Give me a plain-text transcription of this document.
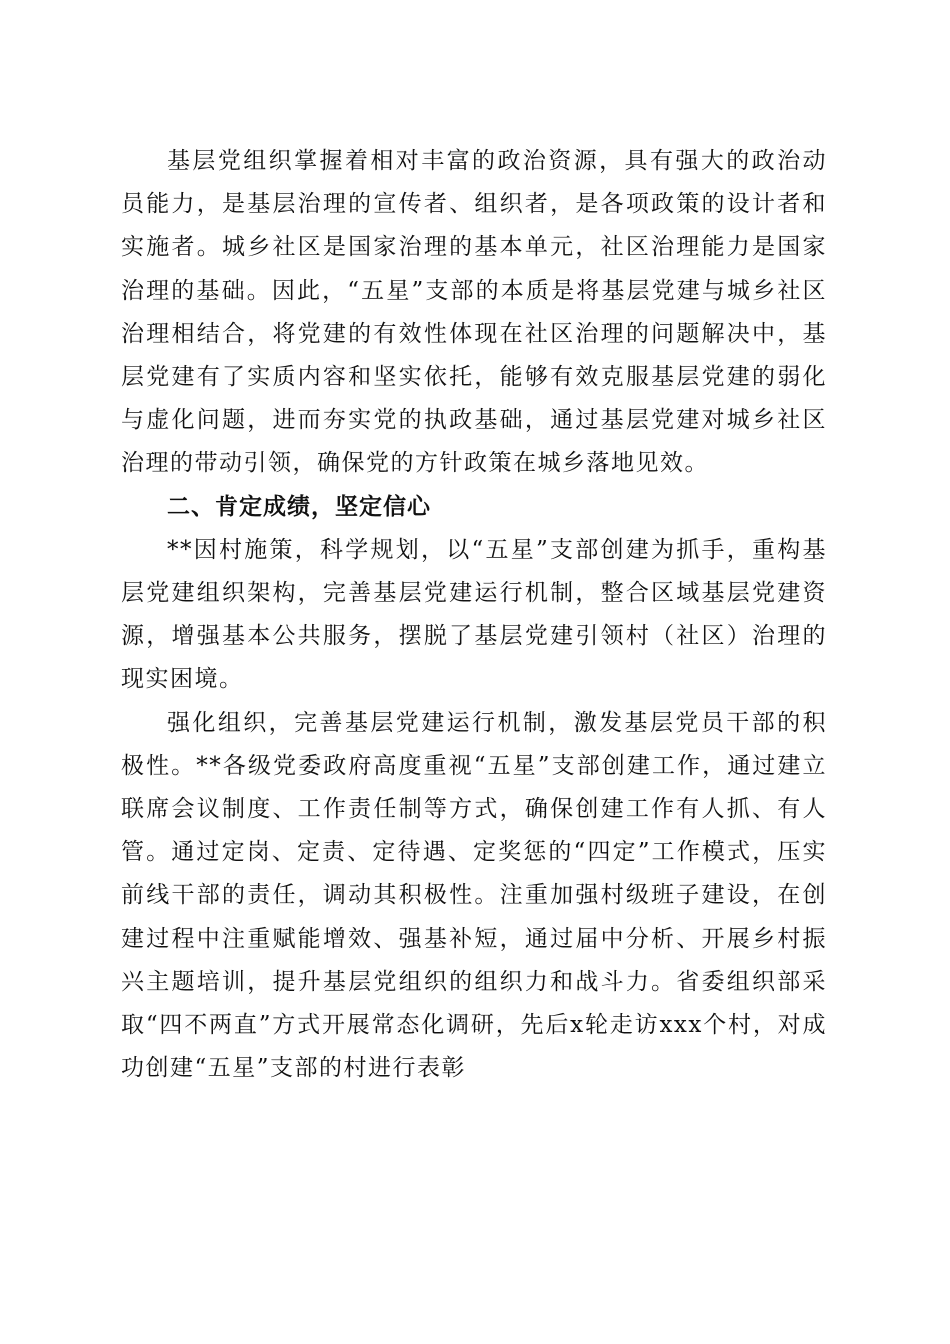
基层党组织掌握着相对丰富的政治资源，具有强大的政治动员能力，是基层治理的宣传者、组织者，是各项政策的设计者和实施者。城乡社区是国家治理的基本单元，社区治理能力是国家治理的基础。因此，“五星”支部的本质是将基层党建与城乡社区治理相结合，将党建的有效性体现在社区治理的问题解决中，基层党建有了实质内容和坚实依托，能够有效克服基层党建的弱化与虚化问题，进而夯实党的执政基础，通过基层党建对城乡社区治理的带动引领，确保党的方针政策在城乡落地见效。

二、肯定成绩，坚定信心

**因村施策，科学规划，以“五星”支部创建为抓手，重构基层党建组织架构，完善基层党建运行机制，整合区域基层党建资源，增强基本公共服务，摆脱了基层党建引领村（社区）治理的现实困境。

强化组织，完善基层党建运行机制，激发基层党员干部的积极性。**各级党委政府高度重视“五星”支部创建工作，通过建立联席会议制度、工作责任制等方式，确保创建工作有人抓、有人管。通过定岗、定责、定待遇、定奖惩的“四定”工作模式，压实前线干部的责任，调动其积极性。注重加强村级班子建设，在创建过程中注重赋能增效、强基补短，通过届中分析、开展乡村振兴主题培训，提升基层党组织的组织力和战斗力。省委组织部采取“四不两直”方式开展常态化调研，先后x轮走访xxx个村，对成功创建“五星”支部的村进行表彰
